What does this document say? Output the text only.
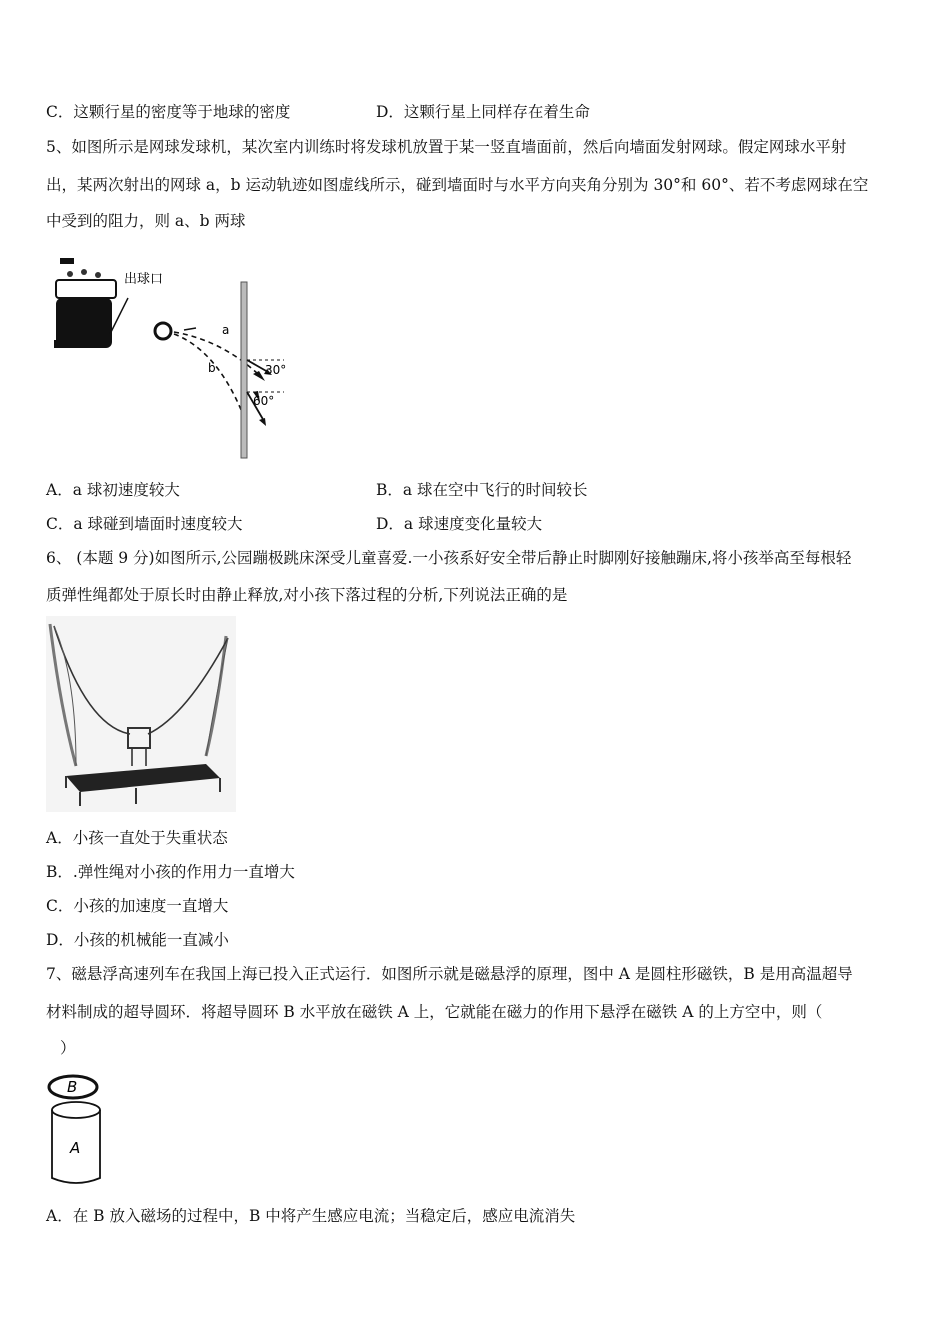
C．这颗行星的密度等于地球的密度	D．这颗行星上同样存在着生命
5、如图所示是网球发球机，某次室内训练时将发球机放置于某一竖直墙面前，然后向墙面发射网球。假定网球水平射
出，某两次射出的网球 a，b 运动轨迹如图虚线所示，碰到墙面时与水平方向夹角分别为 30°和 60°、若不考虑网球在空
中受到的阻力，则 a、b 两球
出球口
a
b	30°
60°
A．a 球初速度较大	B．a 球在空中飞行的时间较长
C．a 球碰到墙面时速度较大	D．a 球速度变化量较大
6、 (本题 9 分)如图所示,公园蹦极跳床深受儿童喜爱.一小孩系好安全带后静止时脚刚好接触蹦床,将小孩举高至每根轻
质弹性绳都处于原长时由静止释放,对小孩下落过程的分析,下列说法正确的是
A．小孩一直处于失重状态
B．.弹性绳对小孩的作用力一直增大
C．小孩的加速度一直增大
D．小孩的机械能一直减小
7、磁悬浮高速列车在我国上海已投入正式运行．如图所示就是磁悬浮的原理，图中 A 是圆柱形磁铁，B 是用高温超导
材料制成的超导圆环．将超导圆环 B 水平放在磁铁 A 上，它就能在磁力的作用下悬浮在磁铁 A 的上方空中，则（
）
A
B
A．在 B 放入磁场的过程中，B 中将产生感应电流；当稳定后，感应电流消失
